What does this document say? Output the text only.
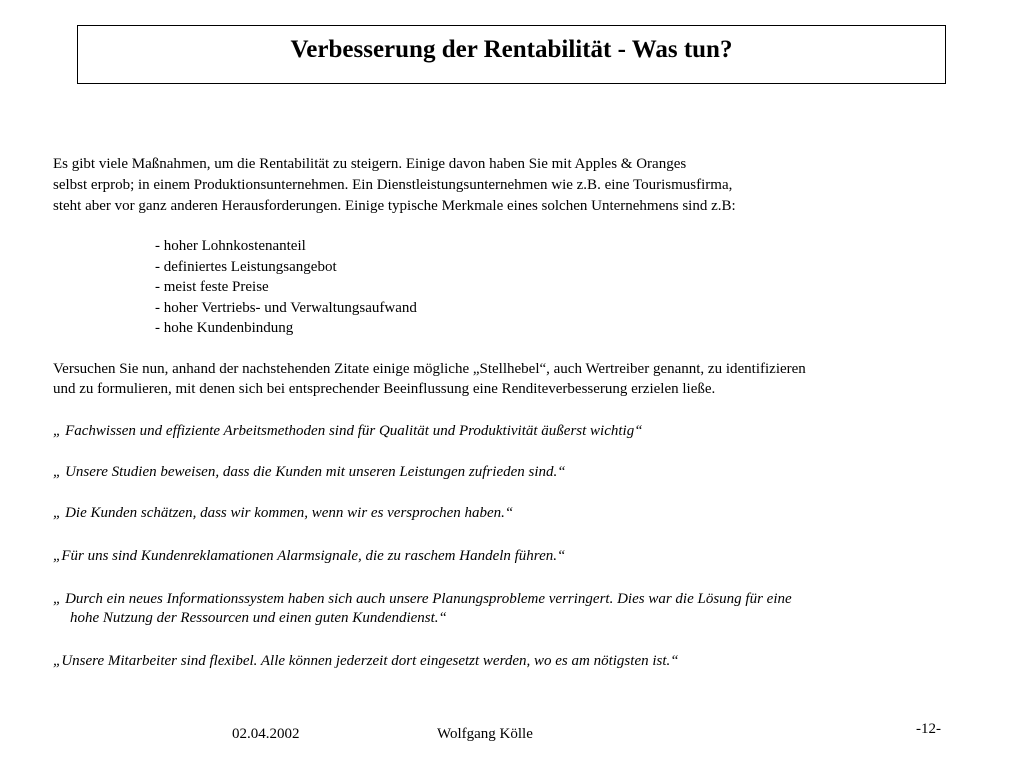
Verbesserung der Rentabilität - Was tun?
Es gibt viele Maßnahmen, um die Rentabilität zu steigern. Einige davon haben Sie mit Apples & Oranges
selbst erprob; in einem Produktionsunternehmen. Ein Dienstleistungsunternehmen wie z.B. eine Tourismusfirma,
steht aber vor ganz anderen Herausforderungen. Einige typische Merkmale eines solchen Unternehmens sind z.B:
- hoher Lohnkostenanteil
- definiertes Leistungsangebot
- meist feste Preise
- hoher Vertriebs- und Verwaltungsaufwand
- hohe Kundenbindung
Versuchen Sie nun, anhand der nachstehenden Zitate einige mögliche „Stellhebel“, auch Wertreiber genannt, zu identifizieren
und zu formulieren, mit denen sich bei entsprechender Beeinflussung eine Renditeverbesserung erzielen ließe.
„ Fachwissen und effiziente Arbeitsmethoden sind für Qualität und Produktivität äußerst wichtig“
„ Unsere Studien beweisen, dass die Kunden mit unseren Leistungen zufrieden sind.“
„ Die Kunden schätzen, dass wir kommen, wenn wir es versprochen haben.“
„Für uns sind Kundenreklamationen Alarmsignale, die zu raschem Handeln führen.“
„ Durch ein neues Informationssystem haben sich auch unsere Planungsprobleme verringert. Dies war die Lösung für eine
hohe Nutzung der Ressourcen und einen guten Kundendienst.“
„Unsere Mitarbeiter sind flexibel. Alle können jederzeit dort eingesetzt werden, wo es am nötigsten ist.“
02.04.2002	Wolfgang Kölle	-12-
